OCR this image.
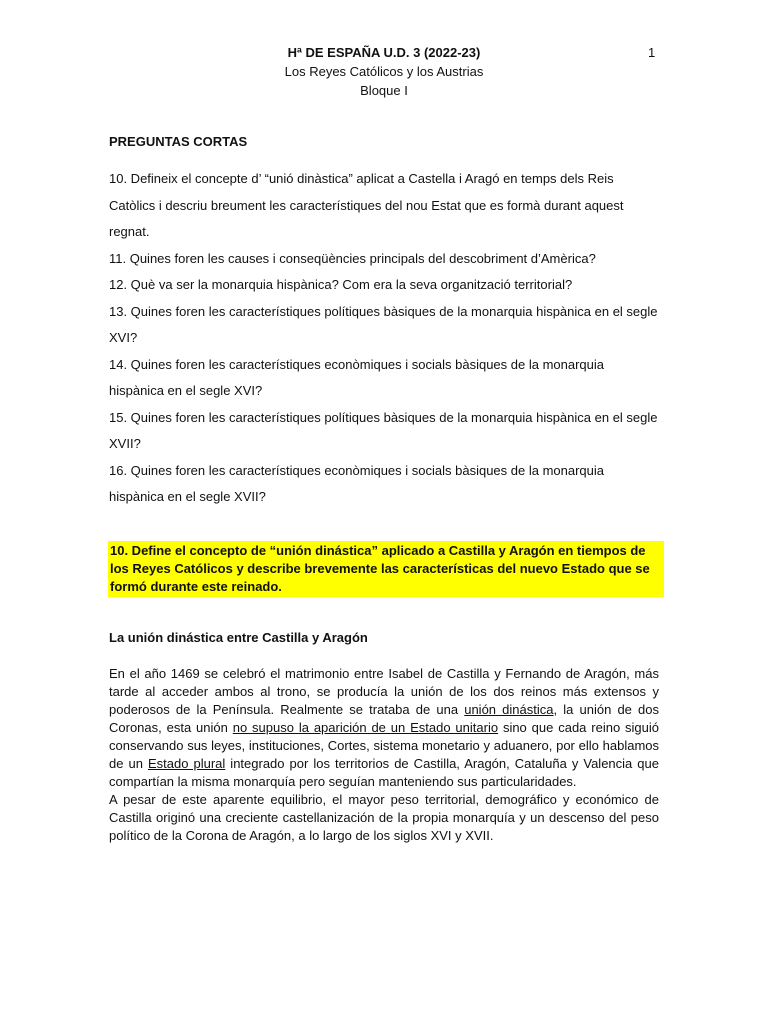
Hª DE ESPAÑA U.D. 3 (2022-23)
Los Reyes Católicos y los Austrias
Bloque I
1
PREGUNTAS CORTAS

10. Defineix el concepte d’ “unió dinàstica” aplicat a Castella i Aragó en temps dels Reis Catòlics i descriu breument les característiques del nou Estat que es formà durant aquest regnat.

11. Quines foren les causes i conseqüències principals del descobriment d’Amèrica?

12. Què va ser la monarquia hispànica? Com era la seva organització territorial?

13. Quines foren les característiques polítiques bàsiques de la monarquia hispànica en el segle XVI?

14. Quines foren les característiques econòmiques i socials bàsiques de la monarquia hispànica en el segle XVI?

15. Quines foren les característiques polítiques bàsiques de la monarquia hispànica en el segle XVII?

16. Quines foren les característiques econòmiques i socials bàsiques de la monarquia hispànica en el segle XVII?

10. Define el concepto de “unión dinástica” aplicado a Castilla y Aragón en tiempos de los Reyes Católicos y describe brevemente las características del nuevo Estado que se formó durante este reinado.
La unión dinástica entre Castilla y Aragón

En el año 1469 se celebró el matrimonio entre Isabel de Castilla y Fernando de Aragón, más tarde al acceder ambos al trono, se producía la unión de los dos reinos más extensos y poderosos de la Península. Realmente se trataba de una unión dinástica, la unión de dos Coronas, esta unión no supuso la aparición de un Estado unitario sino que cada reino siguió conservando sus leyes, instituciones, Cortes, sistema monetario y aduanero, por ello hablamos de un Estado plural integrado por los territorios de Castilla, Aragón, Cataluña y Valencia que compartían la misma monarquía pero seguían manteniendo sus particularidades.

A pesar de este aparente equilibrio, el mayor peso territorial, demográfico y económico de Castilla originó una creciente castellanización de la propia monarquía y un descenso del peso político de la Corona de Aragón, a lo largo de los siglos XVI y XVII.
